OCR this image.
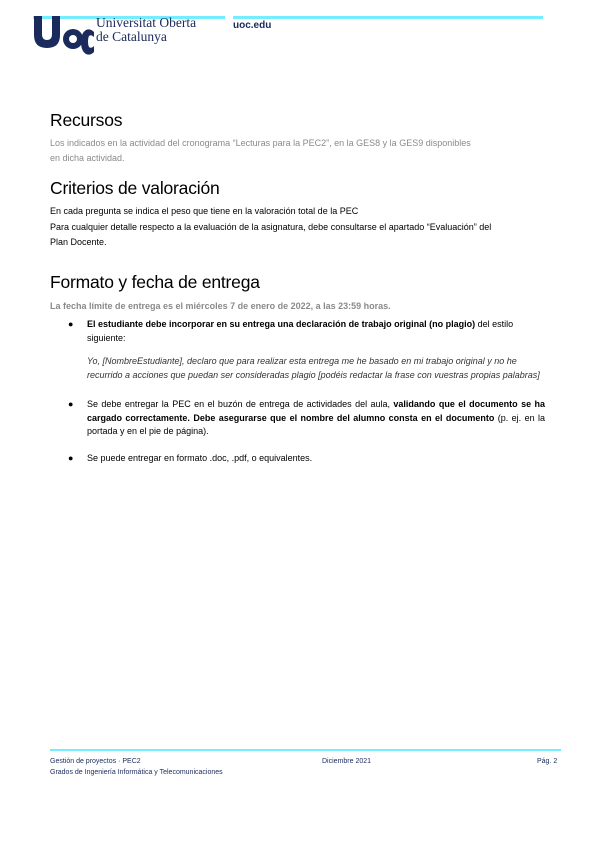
Universitat Oberta
de Catalunya
uoc.edu
Recursos

Los indicados en la actividad del cronograma “Lecturas para la PEC2”, en la GES8 y la GES9 disponibles
en dicha actividad.

Criterios de valoración

En cada pregunta se indica el peso que tiene en la valoración total de la PEC

Para cualquier detalle respecto a la evaluación de la asignatura, debe consultarse el apartado “Evaluación” del
Plan Docente.

Formato y fecha de entrega

La fecha límite de entrega es el miércoles 7 de enero de 2022, a las 23:59 horas.

● El estudiante debe incorporar en su entrega una declaración de trabajo original (no plagio) del estilo siguiente:

Yo, [NombreEstudiante], declaro que para realizar esta entrega me he basado en mi trabajo original y no he recurrido a acciones que puedan ser consideradas plagio [podéis redactar la frase con vuestras propias palabras]

● Se debe entregar la PEC en el buzón de entrega de actividades del aula, validando que el documento se ha cargado correctamente. Debe asegurarse que el nombre del alumno consta en el documento (p. ej. en la portada y en el pie de página).
● Se puede entregar en formato .doc, .pdf, o equivalentes.
Gestión de proyectos · PEC2
Grados de Ingeniería Informática y Telecomunicaciones
Diciembre 2021	Pág. 2
